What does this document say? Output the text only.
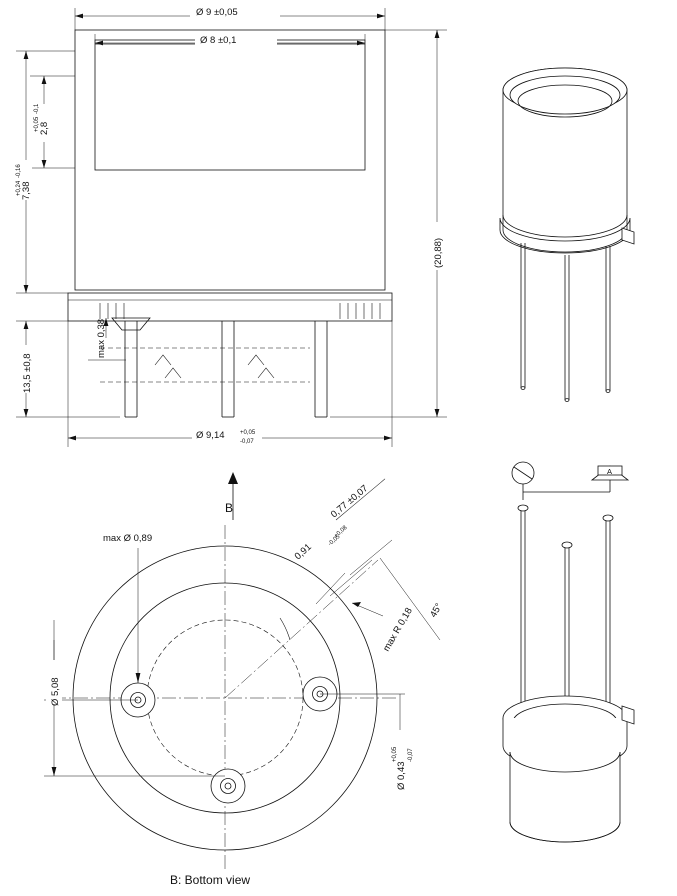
Ø 9 ±0,05
Ø 8 ±0,1
2,8
+0,05
-0,1
7,38
+0,24
-0,16
13,5 ±0,8
(20,88)
max 0,38
Ø 9,14	+0,05
-0,07
B
max Ø 0,89
Ø 5,08
0,77 ±0,07
0,91
+0,08
-0,05
max R 0,18 45°
Ø 0,43
+0,05 -0,07
A
B: Bottom view
